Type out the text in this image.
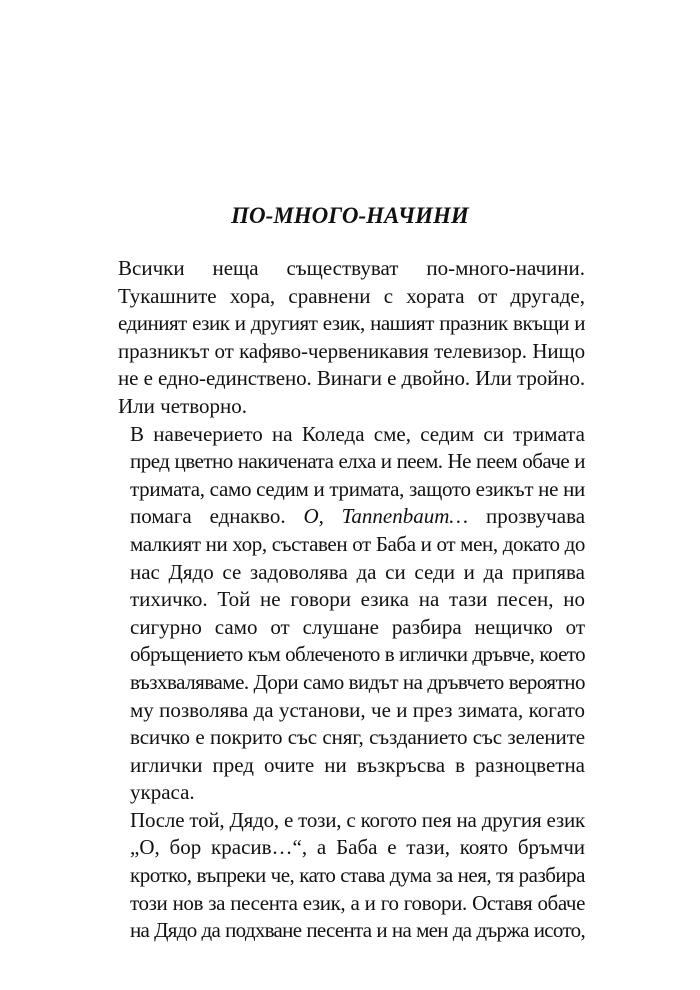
ПО-МНОГО-НАЧИНИ

Всички неща съществуват по-много-начини.
Тукашните хора, сравнени с хората от другаде,
единият език и другият език, нашият празник вкъщи и
празникът от кафяво-червеникавия телевизор. Нищо
не е едно-единствено. Винаги е двойно. Или тройно.
Или четворно.

В навечерието на Коледа сме, седим си тримата
пред цветно накичената елха и пеем. Не пеем обаче и
тримата, само седим и тримата, защото езикът не ни
помага еднакво. О, Tannenbaum… прозвучава
малкият ни хор, съставен от Баба и от мен, докато до
нас Дядо се задоволява да си седи и да припява
тихичко. Той не говори езика на тази песен, но
сигурно само от слушане разбира нещичко от
обръщението към облеченото в иглички дръвче, което
възхваляваме. Дори само видът на дръвчето вероятно
му позволява да установи, че и през зимата, когато
всичко е покрито със сняг, създанието със зелените
иглички пред очите ни възкръсва в разноцветна
украса.

После той, Дядо, е този, с когото пея на другия език
„О, бор красив…“, а Баба е тази, която бръмчи
кротко, въпреки че, като става дума за нея, тя разбира
този нов за песента език, а и го говори. Оставя обаче
на Дядо да подхване песента и на мен да държа исото,
